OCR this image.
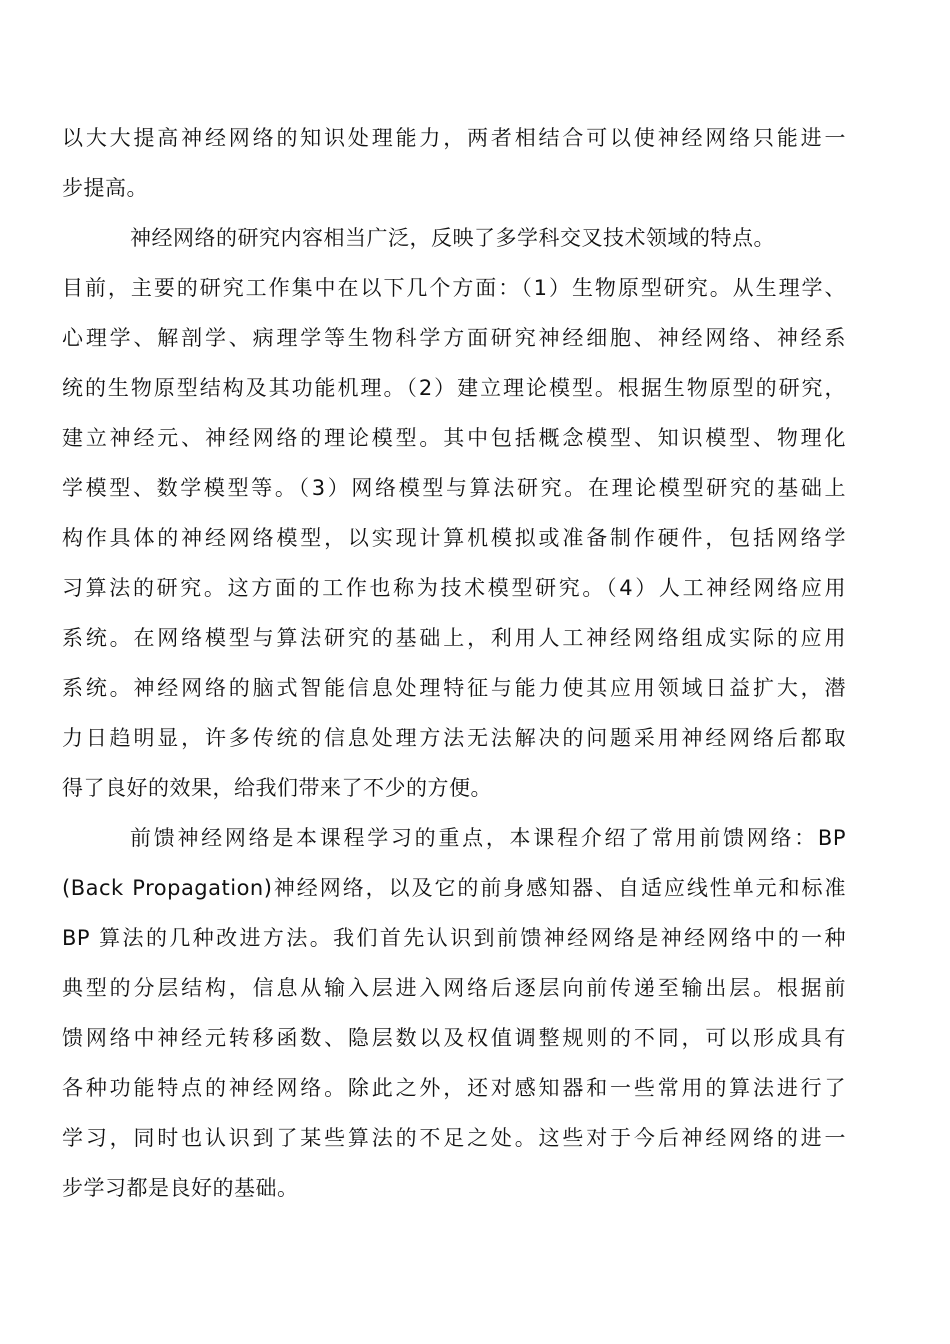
以大大提高神经网络的知识处理能力，两者相结合可以使神经网络只能进一
步提高。
神经网络的研究内容相当广泛，反映了多学科交叉技术领域的特点。
目前，主要的研究工作集中在以下几个方面：（1）生物原型研究。从生理学、
心理学、解剖学、病理学等生物科学方面研究神经细胞、神经网络、神经系
统的生物原型结构及其功能机理。（2）建立理论模型。根据生物原型的研究，
建立神经元、神经网络的理论模型。其中包括概念模型、知识模型、物理化
学模型、数学模型等。（3）网络模型与算法研究。在理论模型研究的基础上
构作具体的神经网络模型，以实现计算机模拟或准备制作硬件，包括网络学
习算法的研究。这方面的工作也称为技术模型研究。（4）人工神经网络应用
系统。在网络模型与算法研究的基础上，利用人工神经网络组成实际的应用
系统。神经网络的脑式智能信息处理特征与能力使其应用领域日益扩大，潜
力日趋明显，许多传统的信息处理方法无法解决的问题采用神经网络后都取
得了良好的效果，给我们带来了不少的方便。
前馈神经网络是本课程学习的重点，本课程介绍了常用前馈网络：BP
(Back Propagation)神经网络，以及它的前身感知器、自适应线性单元和标准
BP 算法的几种改进方法。我们首先认识到前馈神经网络是神经网络中的一种
典型的分层结构，信息从输入层进入网络后逐层向前传递至输出层。根据前
馈网络中神经元转移函数、隐层数以及权值调整规则的不同，可以形成具有
各种功能特点的神经网络。除此之外，还对感知器和一些常用的算法进行了
学习，同时也认识到了某些算法的不足之处。这些对于今后神经网络的进一
步学习都是良好的基础。
